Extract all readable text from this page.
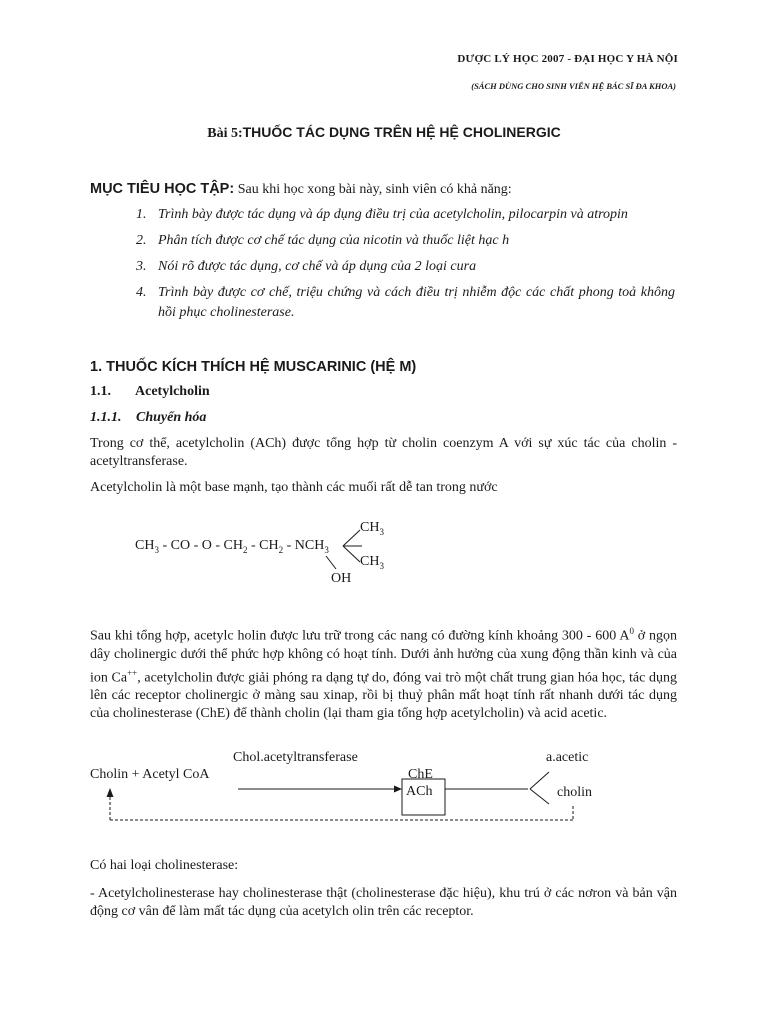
DƯỢC LÝ HỌC 2007 - ĐẠI HỌC Y HÀ NỘI
(SÁCH DÙNG CHO SINH VIÊN HỆ BÁC SĨ ĐA KHOA)
Bài 5:THUỐC TÁC DỤNG TRÊN HỆ HỆ CHOLINERGIC
MỤC TIÊU HỌC TẬP: Sau khi học xong bài này, sinh viên có khả năng:
1. Trình bày được tác dụng và áp dụng điều trị của acetylcholin, pilocarpin và atropin
2. Phân tích được cơ chế tác dụng của nicotin và thuốc liệt hạc h
3. Nói rõ được tác dụng, cơ chế và áp dụng của 2 loại cura
4. Trình bày được cơ chế, triệu chứng và cách điều trị nhiễm độc các chất phong toả không hồi phục cholinesterase.
1. THUỐC KÍCH THÍCH HỆ MUSCARINIC (HỆ M)
1.1. Acetylcholin
1.1.1. Chuyển hóa
Trong cơ thể, acetylcholin (ACh) được tổng hợp từ cholin coenzym A với sự xúc tác của cholin - acetyltransferase.
Acetylcholin là một base mạnh, tạo thành các muối rất dễ tan trong nước
$CH_3$ - CO - O - $CH_2 - CH_2 - NCH_3$
$CH_3$
$CH_3$
OH
Sau khi tổng hợp, acetylc holin được lưu trữ trong các nang có đường kính khoảng 300 - 600 $A^0$ ở ngọn dây cholinergic dưới thể phức hợp không có hoạt tính. Dưới ảnh hưởng của xung động thần kinh và của ion Ca++, acetylcholin được giải phóng ra dạng tự do, đóng vai trò một chất trung gian hóa học, tác dụng lên các receptor cholinergic ở màng sau xinap, rồi bị thuỷ phân mất hoạt tính rất nhanh dưới tác dụng của cholinesterase (ChE) để thành cholin (lại tham gia tổng hợp acetylcholin) và acid acetic.
Chol.acetyltransferase
Cholin + Acetyl CoA	ChE
ACh
a.acetic
cholin
Có hai loại cholinesterase:
- Acetylcholinesterase hay cholinesterase thật (cholinesterase đặc hiệu), khu trú ở các nơron và bản vận động cơ vân để làm mất tác dụng của acetylch olin trên các receptor.
